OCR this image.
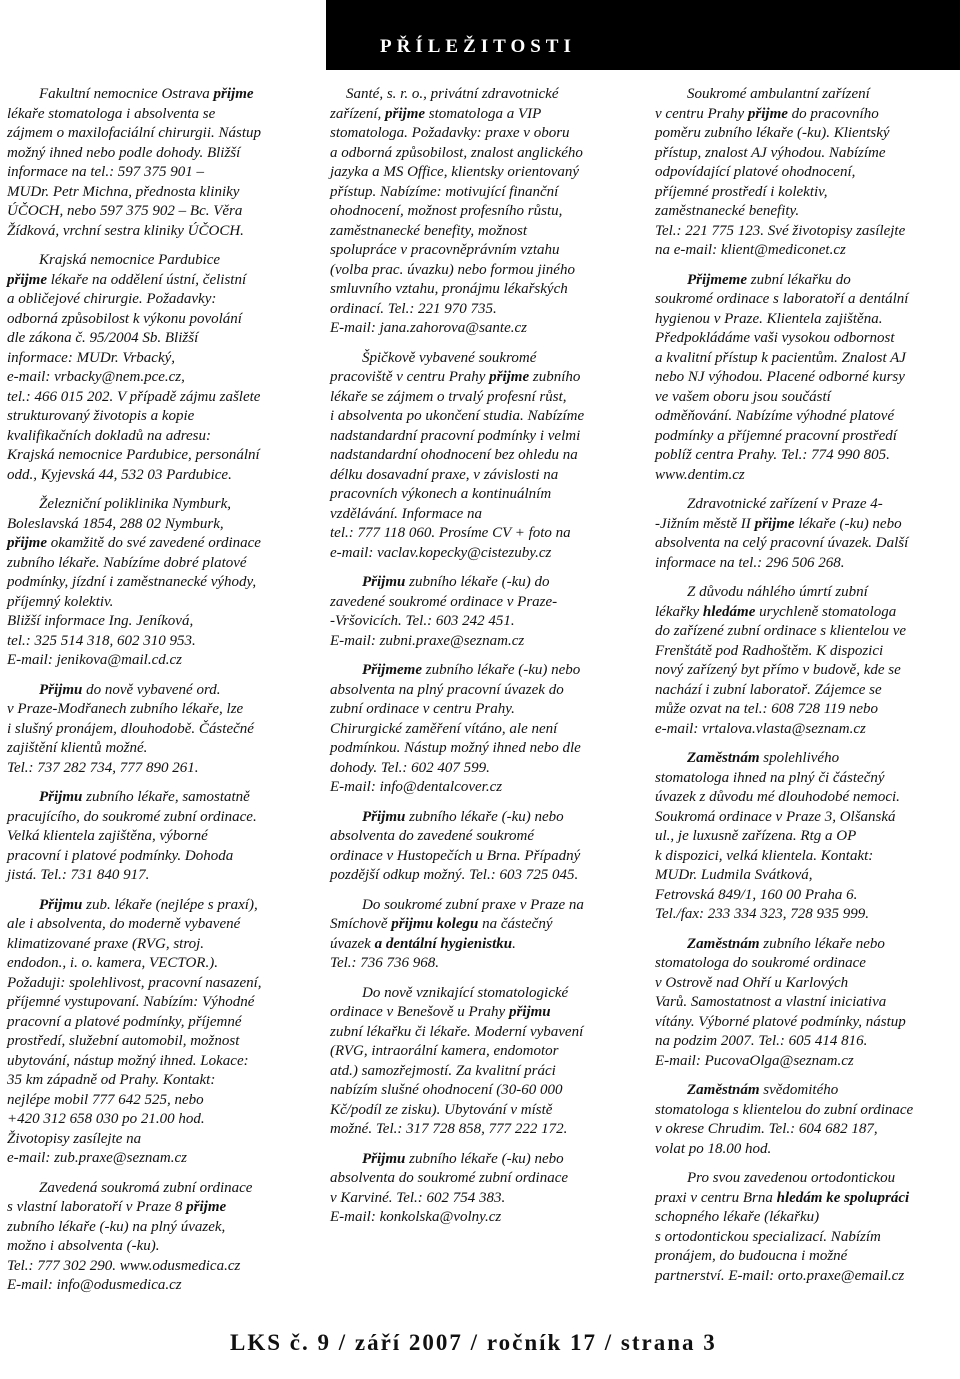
PŘÍLEŽITOSTI
Fakultní nemocnice Ostrava přijme
lékaře stomatologa i absolventa se
zájmem o maxilofaciální chirurgii. Nástup
možný ihned nebo podle dohody. Bližší
informace na tel.: 597 375 901 –
MUDr. Petr Michna, přednosta kliniky
ÚČOCH, nebo 597 375 902 – Bc. Věra
Žídková, vrchní sestra kliniky ÚČOCH.
Krajská nemocnice Pardubice
přijme lékaře na oddělení ústní, čelistní
a obličejové chirurgie. Požadavky:
odborná způsobilost k výkonu povolání
dle zákona č. 95/2004 Sb. Bližší
informace: MUDr. Vrbacký,
e-mail: vrbacky@nem.pce.cz,
tel.: 466 015 202. V případě zájmu zašlete
strukturovaný životopis a kopie
kvalifikačních dokladů na adresu:
Krajská nemocnice Pardubice, personální
odd., Kyjevská 44, 532 03 Pardubice.
Železniční poliklinika Nymburk,
Boleslavská 1854, 288 02 Nymburk,
přijme okamžitě do své zavedené ordinace
zubního lékaře. Nabízíme dobré platové
podmínky, jízdní i zaměstnanecké výhody,
příjemný kolektiv.
Bližší informace Ing. Jeníková,
tel.: 325 514 318, 602 310 953.
E-mail: jenikova@mail.cd.cz
Přijmu do nově vybavené ord.
v Praze-Modřanech zubního lékaře, lze
i slušný pronájem, dlouhodobě. Částečné
zajištění klientů možné.
Tel.: 737 282 734, 777 890 261.
Přijmu zubního lékaře, samostatně
pracujícího, do soukromé zubní ordinace.
Velká klientela zajištěna, výborné
pracovní i platové podmínky. Dohoda
jistá. Tel.: 731 840 917.
Přijmu zub. lékaře (nejlépe s praxí),
ale i absolventa, do moderně vybavené
klimatizované praxe (RVG, stroj.
endodon., i. o. kamera, VECTOR.).
Požaduji: spolehlivost, pracovní nasazení,
příjemné vystupovaní. Nabízím: Výhodné
pracovní a platové podmínky, příjemné
prostředí, služební automobil, možnost
ubytování, nástup možný ihned. Lokace:
35 km západně od Prahy. Kontakt:
nejlépe mobil 777 642 525, nebo
+420 312 658 030 po 21.00 hod.
Životopisy zasílejte na
e-mail: zub.praxe@seznam.cz
Zavedená soukromá zubní ordinace
s vlastní laboratoří v Praze 8 přijme
zubního lékaře (-ku) na plný úvazek,
možno i absolventa (-ku).
Tel.: 777 302 290. www.odusmedica.cz
E-mail: info@odusmedica.cz
Santé, s. r. o., privátní zdravotnické
zařízení, přijme stomatologa a VIP
stomatologa. Požadavky: praxe v oboru
a odborná způsobilost, znalost anglického
jazyka a MS Office, klientsky orientovaný
přístup. Nabízíme: motivující finanční
ohodnocení, možnost profesního růstu,
zaměstnanecké benefity, možnost
spolupráce v pracovněprávním vztahu
(volba prac. úvazku) nebo formou jiného
smluvního vztahu, pronájmu lékařských
ordinací. Tel.: 221 970 735.
E-mail: jana.zahorova@sante.cz
Špičkově vybavené soukromé
pracoviště v centru Prahy přijme zubního
lékaře se zájmem o trvalý profesní růst,
i absolventa po ukončení studia. Nabízíme
nadstandardní pracovní podmínky i velmi
nadstandardní ohodnocení bez ohledu na
délku dosavadní praxe, v závislosti na
pracovních výkonech a kontinuálním
vzdělávání. Informace na
tel.: 777 118 060. Prosíme CV + foto na
e-mail: vaclav.kopecky@cistezuby.cz
Přijmu zubního lékaře (-ku) do
zavedené soukromé ordinace v Praze-
-Vršovicích. Tel.: 603 242 451.
E-mail: zubni.praxe@seznam.cz
Přijmeme zubního lékaře (-ku) nebo
absolventa na plný pracovní úvazek do
zubní ordinace v centru Prahy.
Chirurgické zaměření vítáno, ale není
podmínkou. Nástup možný ihned nebo dle
dohody. Tel.: 602 407 599.
E-mail: info@dentalcover.cz
Přijmu zubního lékaře (-ku) nebo
absolventa do zavedené soukromé
ordinace v Hustopečích u Brna. Případný
pozdější odkup možný. Tel.: 603 725 045.
Do soukromé zubní praxe v Praze na
Smíchově přijmu kolegu na částečný
úvazek a dentální hygienistku.
Tel.: 736 736 968.
Do nově vznikající stomatologické
ordinace v Benešově u Prahy přijmu
zubní lékařku či lékaře. Moderní vybavení
(RVG, intraorální kamera, endomotor
atd.) samozřejmostí. Za kvalitní práci
nabízím slušné ohodnocení (30-60 000
Kč/podíl ze zisku). Ubytování v místě
možné. Tel.: 317 728 858, 777 222 172.
Přijmu zubního lékaře (-ku) nebo
absolventa do soukromé zubní ordinace
v Karviné. Tel.: 602 754 383.
E-mail: konkolska@volny.cz
Soukromé ambulantní zařízení
v centru Prahy přijme do pracovního
poměru zubního lékaře (-ku). Klientský
přístup, znalost AJ výhodou. Nabízíme
odpovídající platové ohodnocení,
příjemné prostředí i kolektiv,
zaměstnanecké benefity.
Tel.: 221 775 123. Své životopisy zasílejte
na e-mail: klient@mediconet.cz
Přijmeme zubní lékařku do
soukromé ordinace s laboratoří a dentální
hygienou v Praze. Klientela zajištěna.
Předpokládáme vaši vysokou odbornost
a kvalitní přístup k pacientům. Znalost AJ
nebo NJ výhodou. Placené odborné kursy
ve vašem oboru jsou součástí
odměňování. Nabízíme výhodné platové
podmínky a příjemné pracovní prostředí
poblíž centra Prahy. Tel.: 774 990 805.
www.dentim.cz
Zdravotnické zařízení v Praze 4-
-Jižním městě II přijme lékaře (-ku) nebo
absolventa na celý pracovní úvazek. Další
informace na tel.: 296 506 268.
Z důvodu náhlého úmrtí zubní
lékařky hledáme urychleně stomatologa
do zařízené zubní ordinace s klientelou ve
Frenštátě pod Radhoštěm. K dispozici
nový zařízený byt přímo v budově, kde se
nachází i zubní laboratoř. Zájemce se
může ozvat na tel.: 608 728 119 nebo
e-mail: vrtalova.vlasta@seznam.cz
Zaměstnám spolehlivého
stomatologa ihned na plný či částečný
úvazek z důvodu mé dlouhodobé nemoci.
Soukromá ordinace v Praze 3, Olšanská
ul., je luxusně zařízena. Rtg a OP
k dispozici, velká klientela. Kontakt:
MUDr. Ludmila Svátková,
Fetrovská 849/1, 160 00 Praha 6.
Tel./fax: 233 334 323, 728 935 999.
Zaměstnám zubního lékaře nebo
stomatologa do soukromé ordinace
v Ostrově nad Ohří u Karlových
Varů. Samostatnost a vlastní iniciativa
vítány. Výborné platové podmínky, nástup
na podzim 2007. Tel.: 605 414 816.
E-mail: PucovaOlga@seznam.cz
Zaměstnám svědomitého
stomatologa s klientelou do zubní ordinace
v okrese Chrudim. Tel.: 604 682 187,
volat po 18.00 hod.
Pro svou zavedenou ortodontickou
praxi v centru Brna hledám ke spolupráci
schopného lékaře (lékařku)
s ortodontickou specializací. Nabízím
pronájem, do budoucna i možné
partnerství. E-mail: orto.praxe@email.cz
LKS č. 9 / září 2007 / ročník 17 / strana 3
